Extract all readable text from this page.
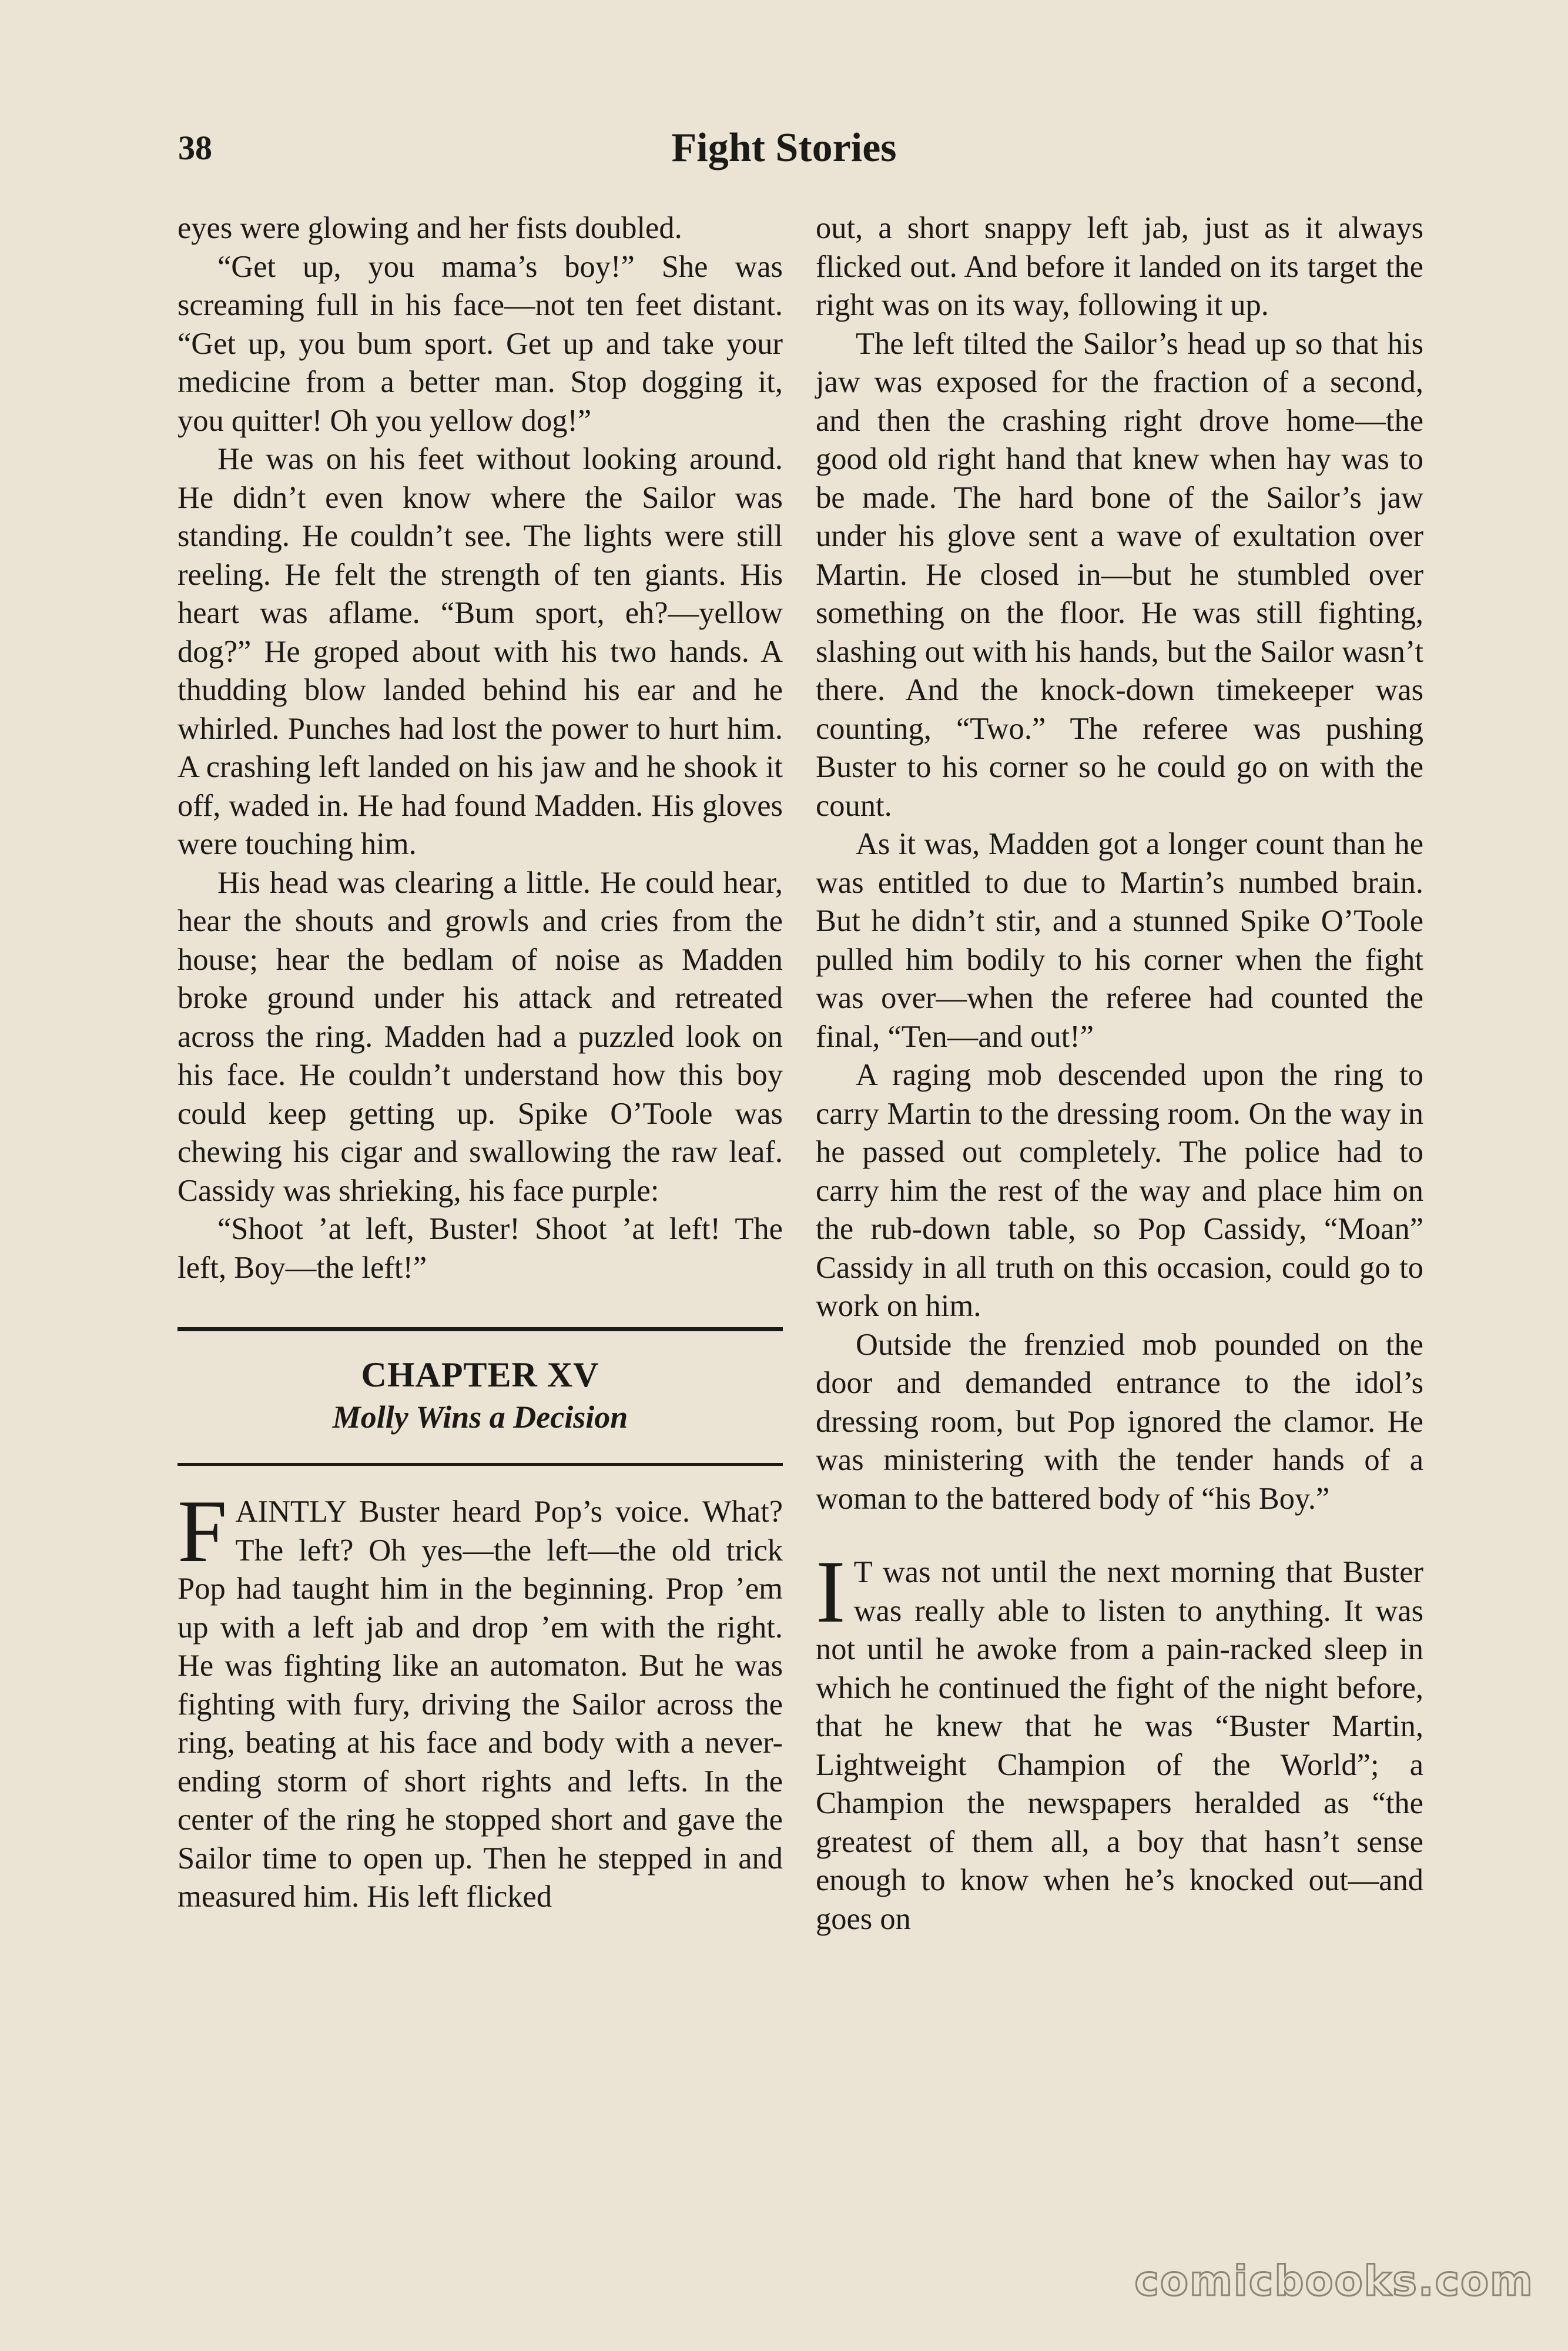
38	Fight Stories

eyes were glowing and her fists doubled.

“Get up, you mama’s boy!” She was screaming full in his face—not ten feet distant. “Get up, you bum sport. Get up and take your medicine from a better man. Stop dogging it, you quitter! Oh you yellow dog!”

He was on his feet without looking around. He didn’t even know where the Sailor was standing. He couldn’t see. The lights were still reeling. He felt the strength of ten giants. His heart was aflame. “Bum sport, eh?—yellow dog?” He groped about with his two hands. A thudding blow landed behind his ear and he whirled. Punches had lost the power to hurt him. A crashing left landed on his jaw and he shook it off, waded in. He had found Madden. His gloves were touching him.

His head was clearing a little. He could hear, hear the shouts and growls and cries from the house; hear the bedlam of noise as Madden broke ground under his attack and retreated across the ring. Madden had a puzzled look on his face. He couldn’t understand how this boy could keep getting up. Spike O’Toole was chewing his cigar and swallowing the raw leaf. Cassidy was shrieking, his face purple:

“Shoot ’at left, Buster! Shoot ’at left! The left, Boy—the left!”

CHAPTER XV
Molly Wins a Decision

FAINTLY Buster heard Pop’s voice. What? The left? Oh yes—the left—the old trick Pop had taught him in the beginning. Prop ’em up with a left jab and drop ’em with the right. He was fighting like an automaton. But he was fighting with fury, driving the Sailor across the ring, beating at his face and body with a never-ending storm of short rights and lefts. In the center of the ring he stopped short and gave the Sailor time to open up. Then he stepped in and measured him. His left flicked

out, a short snappy left jab, just as it always flicked out. And before it landed on its target the right was on its way, following it up.

The left tilted the Sailor’s head up so that his jaw was exposed for the fraction of a second, and then the crashing right drove home—the good old right hand that knew when hay was to be made. The hard bone of the Sailor’s jaw under his glove sent a wave of exultation over Martin. He closed in—but he stumbled over something on the floor. He was still fighting, slashing out with his hands, but the Sailor wasn’t there. And the knock-down timekeeper was counting, “Two.” The referee was pushing Buster to his corner so he could go on with the count.

As it was, Madden got a longer count than he was entitled to due to Martin’s numbed brain. But he didn’t stir, and a stunned Spike O’Toole pulled him bodily to his corner when the fight was over—when the referee had counted the final, “Ten—and out!”

A raging mob descended upon the ring to carry Martin to the dressing room. On the way in he passed out completely. The police had to carry him the rest of the way and place him on the rub-down table, so Pop Cassidy, “Moan” Cassidy in all truth on this occasion, could go to work on him.

Outside the frenzied mob pounded on the door and demanded entrance to the idol’s dressing room, but Pop ignored the clamor. He was ministering with the tender hands of a woman to the battered body of “his Boy.”

I T was not until the next morning that Buster was really able to listen to anything. It was not until he awoke from a pain-racked sleep in which he continued the fight of the night before, that he knew that he was “Buster Martin, Lightweight Champion of the World”; a Champion the newspapers heralded as “the greatest of them all, a boy that hasn’t sense enough to know when he’s knocked out—and goes on

comicbooks.com
